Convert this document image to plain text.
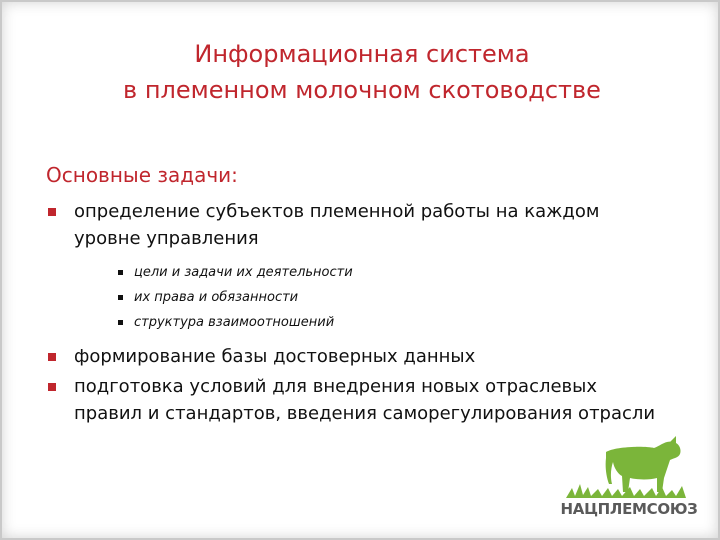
Информационная система
в племенном молочном скотоводстве
Основные задачи:
определение субъектов племенной работы на каждом уровне управления
цели и задачи их деятельности
их права и обязанности
структура взаимоотношений
формирование базы достоверных данных
подготовка условий для внедрения новых отраслевых правил и стандартов, введения саморегулирования отрасли
НАЦПЛЕМСОЮЗ
